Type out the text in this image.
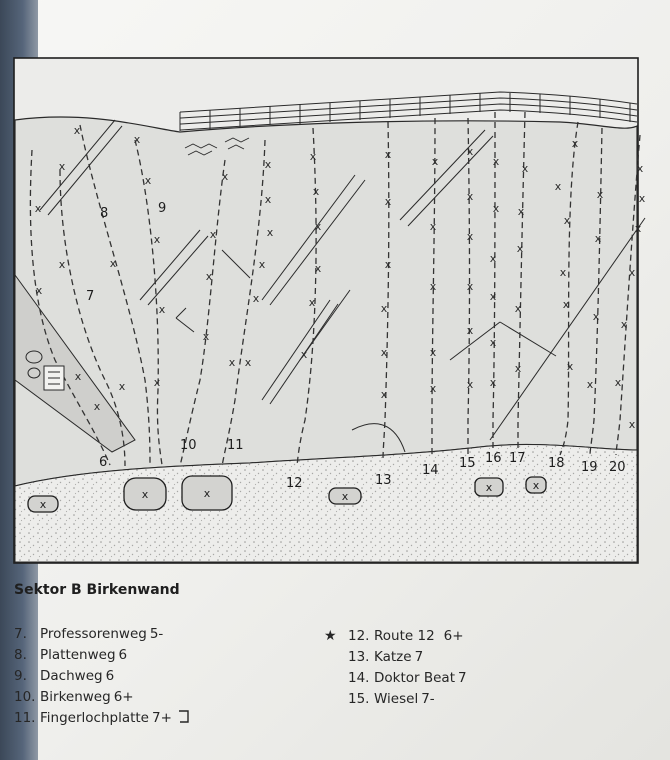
x
x
x
x
x
x
x
x
x
x
x
x
x
x
x
x
x
x
x
x
x
x
x
x
x
x
x
x
x
x
x
x
x
x
x
x
x
x
x
x
x
x
x
x
x
x
x
x
x
x
x
x
x
x
x
x
x
x
x
x
x
x
x
x
x
x
x
x
x
x
x
x
x
x
x
x
x
x	x	x
x	x
6
7
8	9
10 11
12	13
14 15 16 17 18 19 20
Sektor B Birkenwand
7. Professorenweg 5-
8. Plattenweg 6
9. Dachweg 6
10. Birkenweg 6+
11. Fingerlochplatte 7+
★ 12. Route 12 6+
13. Katze 7
14. Doktor Beat 7
15. Wiesel 7-
